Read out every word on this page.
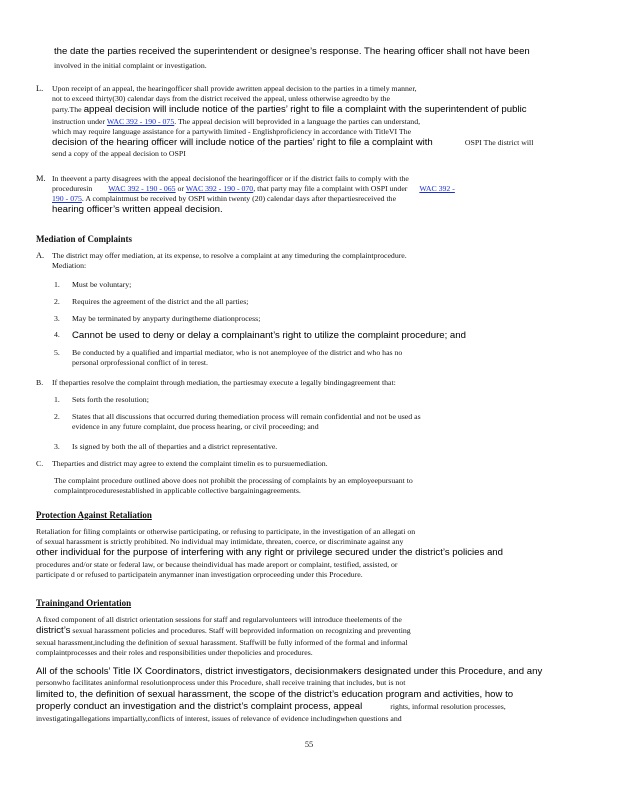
the date the parties received the superintendent or designee’s response. The hearing officer shall not have been
involved in the initial complaint or investigation.
L.	Upon receipt of an appeal, the hearingofficer shall provide awritten appeal decision to the parties in a timely manner,
not to exceed thirty(30) calendar days from the district received the appeal, unless otherwise agreedto by the
party.The appeal decision will include notice of the parties’ right to file a complaint with the superintendent of public
instruction under WAC 392 - 190 - 075. The appeal decision will beprovided in a language the parties can understand,
which may require language assistance for a partywith limited - Englishproficiency in accordance with TitleVI The
decision of the hearing officer will include notice of the parties’ right to file a complaint with	OSPI The district will
send a copy of the appeal decision to OSPI
M. In theevent a party disagrees with the appeal decisionof the hearingofficer or if the district fails to comply with the
proceduresin WAC 392 - 190 - 065 or WAC 392 - 190 - 070, that party may file a complaint with OSPI under WAC 392 -
190 - 075. A complaintmust be received by OSPI within twenty (20) calendar days after thepartiesreceived the
hearing officer’s written appeal decision.
Mediation of Complaints
A.	The district may offer mediation, at its expense, to resolve a complaint at any timeduring the complaintprocedure.
Mediation:
1.	Must be voluntary;
2.	Requires the agreement of the district and the all parties;
3.	May be terminated by anyparty duringtheme diationprocess;
4.	Cannot be used to deny or delay a complainant’s right to utilize the complaint procedure; and
5.	Be conducted by a qualified and impartial mediator, who is not anemployee of the district and who has no
personal orprofessional conflict of in terest.
B.	If theparties resolve the complaint through mediation, the partiesmay execute a legally bindingagreement that:
1.	Sets forth the resolution;
2.	States that all discussions that occurred during themediation process will remain confidential and not be used as
evidence in any future complaint, due process hearing, or civil proceeding; and
3.	Is signed by both the all of theparties and a district representative.
C.	Theparties and district may agree to extend the complaint timelin es to pursuemediation.
The complaint procedure outlined above does not prohibit the processing of complaints by an employeepursuant to
complaintproceduresestablished in applicable collective bargainingagreements.
Protection Against Retaliation
Retaliation for filing complaints or otherwise participating, or refusing to participate, in the investigation of an allegati on
of sexual harassment is strictly prohibited. No individual may intimidate, threaten, coerce, or discriminate against any
other individual for the purpose of interfering with any right or privilege secured under the district’s policies and
procedures and/or state or federal law, or because theindividual has made areport or complaint, testified, assisted, or
participate d or refused to participatein anymanner inan investigation orproceeding under this Procedure.
Trainingand Orientation
A fixed component of all district orientation sessions for staff and regularvolunteers will introduce theelements of the
district’s sexual harassment policies and procedures. Staff will beprovided information on recognizing and preventing
sexual harassment,including the definition of sexual harassment. Staffwill be fully informed of the formal and informal
complaintprocesses and their roles and responsibilities under thepolicies and procedures.
All of the schools’ Title IX Coordinators, district investigators, decisionmakers designated under this Procedure, and any
personwho facilitates aninformal resolutionprocess under this Procedure, shall receive training that includes, but is not
limited to, the definition of sexual harassment, the scope of the district’s education program and activities, how to
properly conduct an investigation and the district’s complaint process, appeal	rights, informal resolution processes,
investigatingallegations impartially,conflicts of interest, issues of relevance of evidence includingwhen questions and
55
